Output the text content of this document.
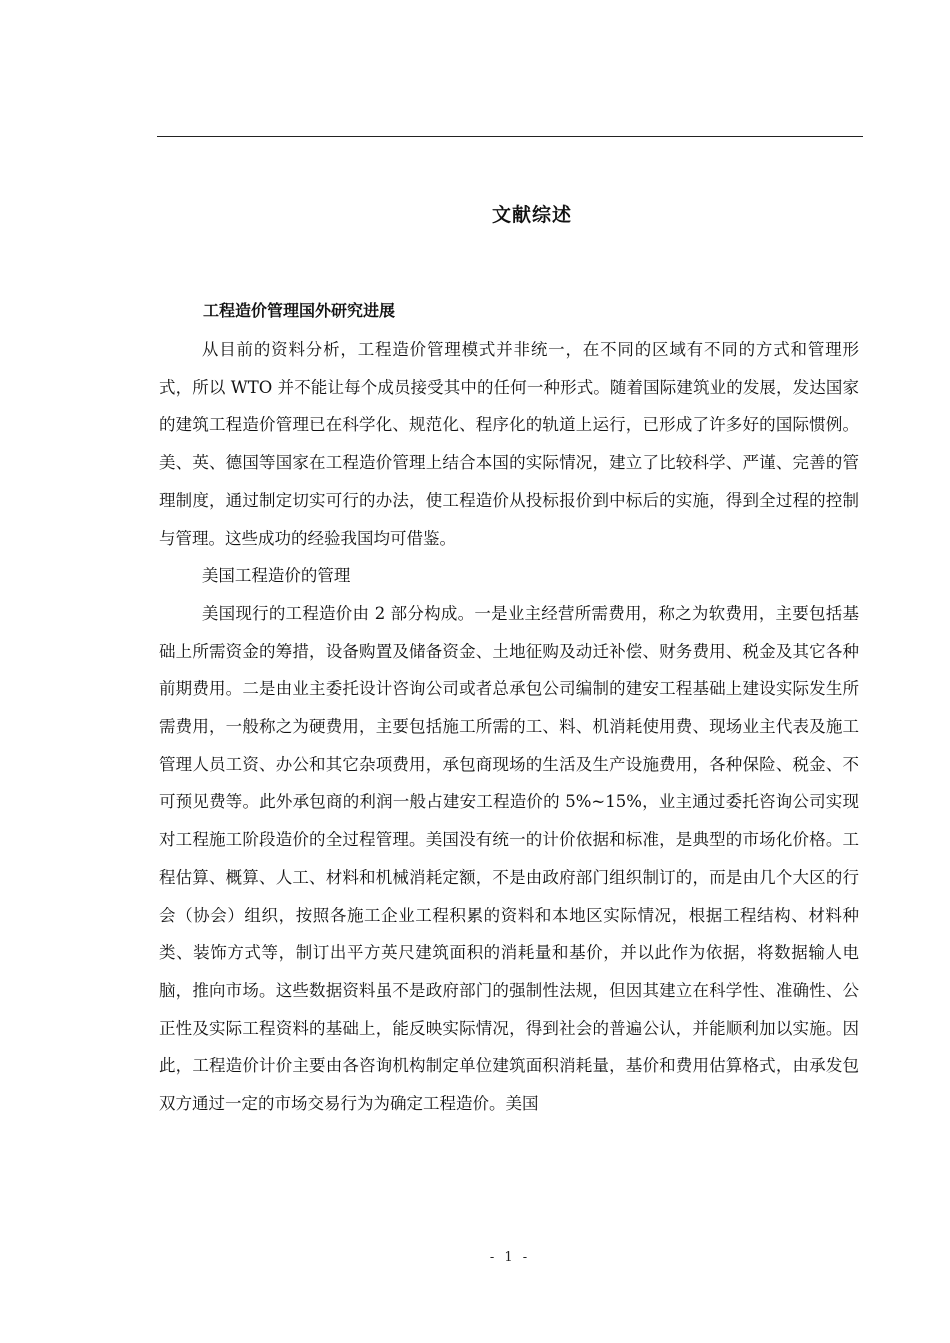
文献综述
工程造价管理国外研究进展

从目前的资料分析，工程造价管理模式并非统一，在不同的区域有不同的方式和管理形式，所以 WTO 并不能让每个成员接受其中的任何一种形式。随着国际建筑业的发展，发达国家的建筑工程造价管理已在科学化、规范化、程序化的轨道上运行，已形成了许多好的国际惯例。美、英、德国等国家在工程造价管理上结合本国的实际情况，建立了比较科学、严谨、完善的管理制度，通过制定切实可行的办法，使工程造价从投标报价到中标后的实施，得到全过程的控制与管理。这些成功的经验我国均可借鉴。

美国工程造价的管理

美国现行的工程造价由 2 部分构成。一是业主经营所需费用，称之为软费用，主要包括基础上所需资金的筹措，设备购置及储备资金、土地征购及动迁补偿、财务费用、税金及其它各种前期费用。二是由业主委托设计咨询公司或者总承包公司编制的建安工程基础上建设实际发生所需费用，一般称之为硬费用，主要包括施工所需的工、料、机消耗使用费、现场业主代表及施工管理人员工资、办公和其它杂项费用，承包商现场的生活及生产设施费用，各种保险、税金、不可预见费等。此外承包商的利润一般占建安工程造价的 5%~15%，业主通过委托咨询公司实现对工程施工阶段造价的全过程管理。美国没有统一的计价依据和标准，是典型的市场化价格。工程估算、概算、人工、材料和机械消耗定额，不是由政府部门组织制订的，而是由几个大区的行会（协会）组织，按照各施工企业工程积累的资料和本地区实际情况，根据工程结构、材料种类、装饰方式等，制订出平方英尺建筑面积的消耗量和基价，并以此作为依据，将数据输人电脑，推向市场。这些数据资料虽不是政府部门的强制性法规，但因其建立在科学性、准确性、公正性及实际工程资料的基础上，能反映实际情况，得到社会的普遍公认，并能顺利加以实施。因此，工程造价计价主要由各咨询机构制定单位建筑面积消耗量，基价和费用估算格式，由承发包双方通过一定的市场交易行为为确定工程造价。美国

- 1 -
